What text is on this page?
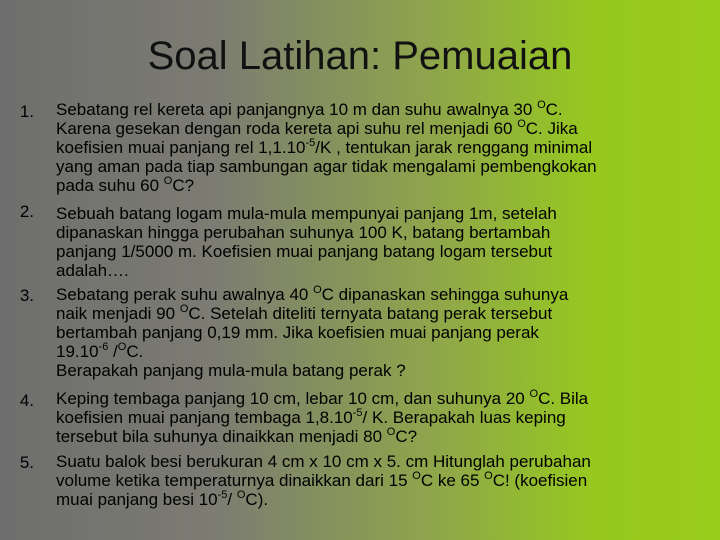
Soal Latihan: Pemuaian
1. Sebatang rel kereta api panjangnya 10 m dan suhu awalnya 30 $^O$C.
Karena gesekan dengan roda kereta api suhu rel menjadi 60 $^O$C. Jika
koefisien muai panjang rel $1,1.10^{-5}/K$ , tentukan jarak renggang minimal
yang aman pada tiap sambungan agar tidak mengalami pembengkokan
pada suhu 60 $^O$C?
2. Sebuah batang logam mula-mula mempunyai panjang 1m, setelah
dipanaskan hingga perubahan suhunya 100 K, batang bertambah
panjang 1/5000 m. Koefisien muai panjang batang logam tersebut
adalah….
3. Sebatang perak suhu awalnya 40 $^O$C dipanaskan sehingga suhunya
naik menjadi 90 $^O$C. Setelah diteliti ternyata batang perak tersebut
bertambah panjang 0,19 mm. Jika koefisien muai panjang perak
$19.10^{-6}$ /$^O$C.
Berapakah panjang mula-mula batang perak ?
4. Keping tembaga panjang 10 cm, lebar 10 cm, dan suhunya 20 $^O$C. Bila
koefisien muai panjang tembaga $1,8.10^{-5}/$ K. Berapakah luas keping
tersebut bila suhunya dinaikkan menjadi 80 $^O$C?
5. Suatu balok besi berukuran 4 cm x 10 cm x 5. cm Hitunglah perubahan
volume ketika temperaturnya dinaikkan dari 15 $^O$C ke 65 $^O$C! (koefisien
muai panjang besi $10^{-5}/$ $^O$C).
